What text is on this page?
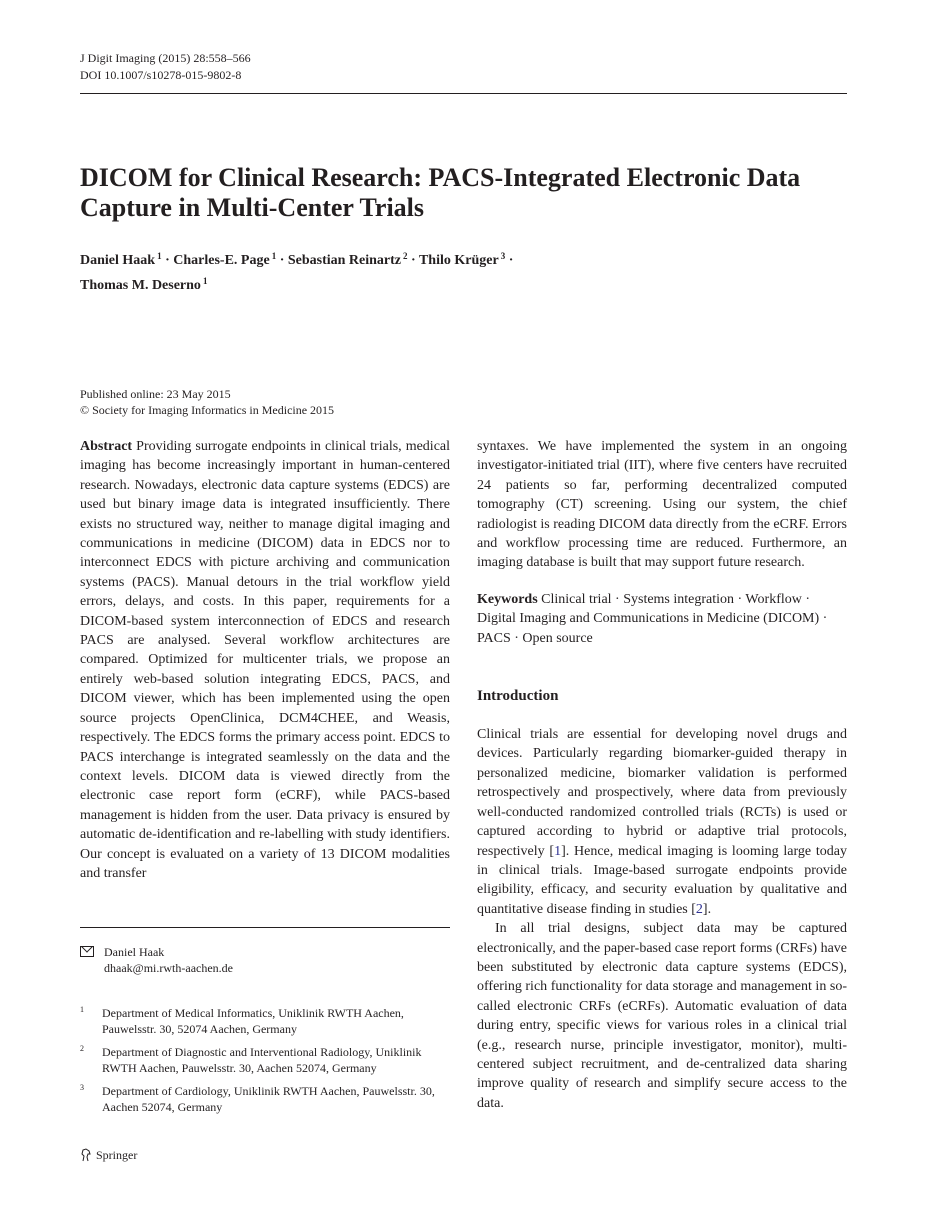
J Digit Imaging (2015) 28:558–566
DOI 10.1007/s10278-015-9802-8
DICOM for Clinical Research: PACS-Integrated Electronic Data Capture in Multi-Center Trials
Daniel Haak $^1$ · Charles-E. Page $^1$ · Sebastian Reinartz $^2$ · Thilo Krüger $^3$ ·
Thomas M. Deserno $^1$
Published online: 23 May 2015
© Society for Imaging Informatics in Medicine 2015
Abstract Providing surrogate endpoints in clinical trials, medical imaging has become increasingly important in human-centered research. Nowadays, electronic data capture systems (EDCS) are used but binary image data is integrated insufficiently. There exists no structured way, neither to manage digital imaging and communications in medicine (DICOM) data in EDCS nor to interconnect EDCS with picture archiving and communication systems (PACS). Manual detours in the trial workflow yield errors, delays, and costs. In this paper, requirements for a DICOM-based system interconnection of EDCS and research PACS are analysed. Several workflow architectures are compared. Optimized for multicenter trials, we propose an entirely web-based solution integrating EDCS, PACS, and DICOM viewer, which has been implemented using the open source projects OpenClinica, DCM4CHEE, and Weasis, respectively. The EDCS forms the primary access point. EDCS to PACS interchange is integrated seamlessly on the data and the context levels. DICOM data is viewed directly from the electronic case report form (eCRF), while PACS-based management is hidden from the user. Data privacy is ensured by automatic de-identification and re-labelling with study identifiers. Our concept is evaluated on a variety of 13 DICOM modalities and transfer
syntaxes. We have implemented the system in an ongoing investigator-initiated trial (IIT), where five centers have recruited 24 patients so far, performing decentralized computed tomography (CT) screening. Using our system, the chief radiologist is reading DICOM data directly from the eCRF. Errors and workflow processing time are reduced. Furthermore, an imaging database is built that may support future research.
Keywords Clinical trial · Systems integration · Workflow · Digital Imaging and Communications in Medicine (DICOM) · PACS · Open source
Introduction
Clinical trials are essential for developing novel drugs and devices. Particularly regarding biomarker-guided therapy in personalized medicine, biomarker validation is performed retrospectively and prospectively, where data from previously well-conducted randomized controlled trials (RCTs) is used or captured according to hybrid or adaptive trial protocols, respectively [1]. Hence, medical imaging is looming large today in clinical trials. Image-based surrogate endpoints provide eligibility, efficacy, and security evaluation by qualitative and quantitative disease finding in studies [2].
In all trial designs, subject data may be captured electronically, and the paper-based case report forms (CRFs) have been substituted by electronic data capture systems (EDCS), offering rich functionality for data storage and management in so-called electronic CRFs (eCRFs). Automatic evaluation of data during entry, specific views for various roles in a clinical trial (e.g., research nurse, principle investigator, monitor), multi-centered subject recruitment, and de-centralized data sharing improve quality of research and simplify secure access to the data.
Daniel Haak
dhaak@mi.rwth-aachen.de
1	Department of Medical Informatics, Uniklinik RWTH Aachen, Pauwelsstr. 30, 52074 Aachen, Germany
2	Department of Diagnostic and Interventional Radiology, Uniklinik RWTH Aachen, Pauwelsstr. 30, Aachen 52074, Germany
3	Department of Cardiology, Uniklinik RWTH Aachen, Pauwelsstr. 30, Aachen 52074, Germany
Springer
